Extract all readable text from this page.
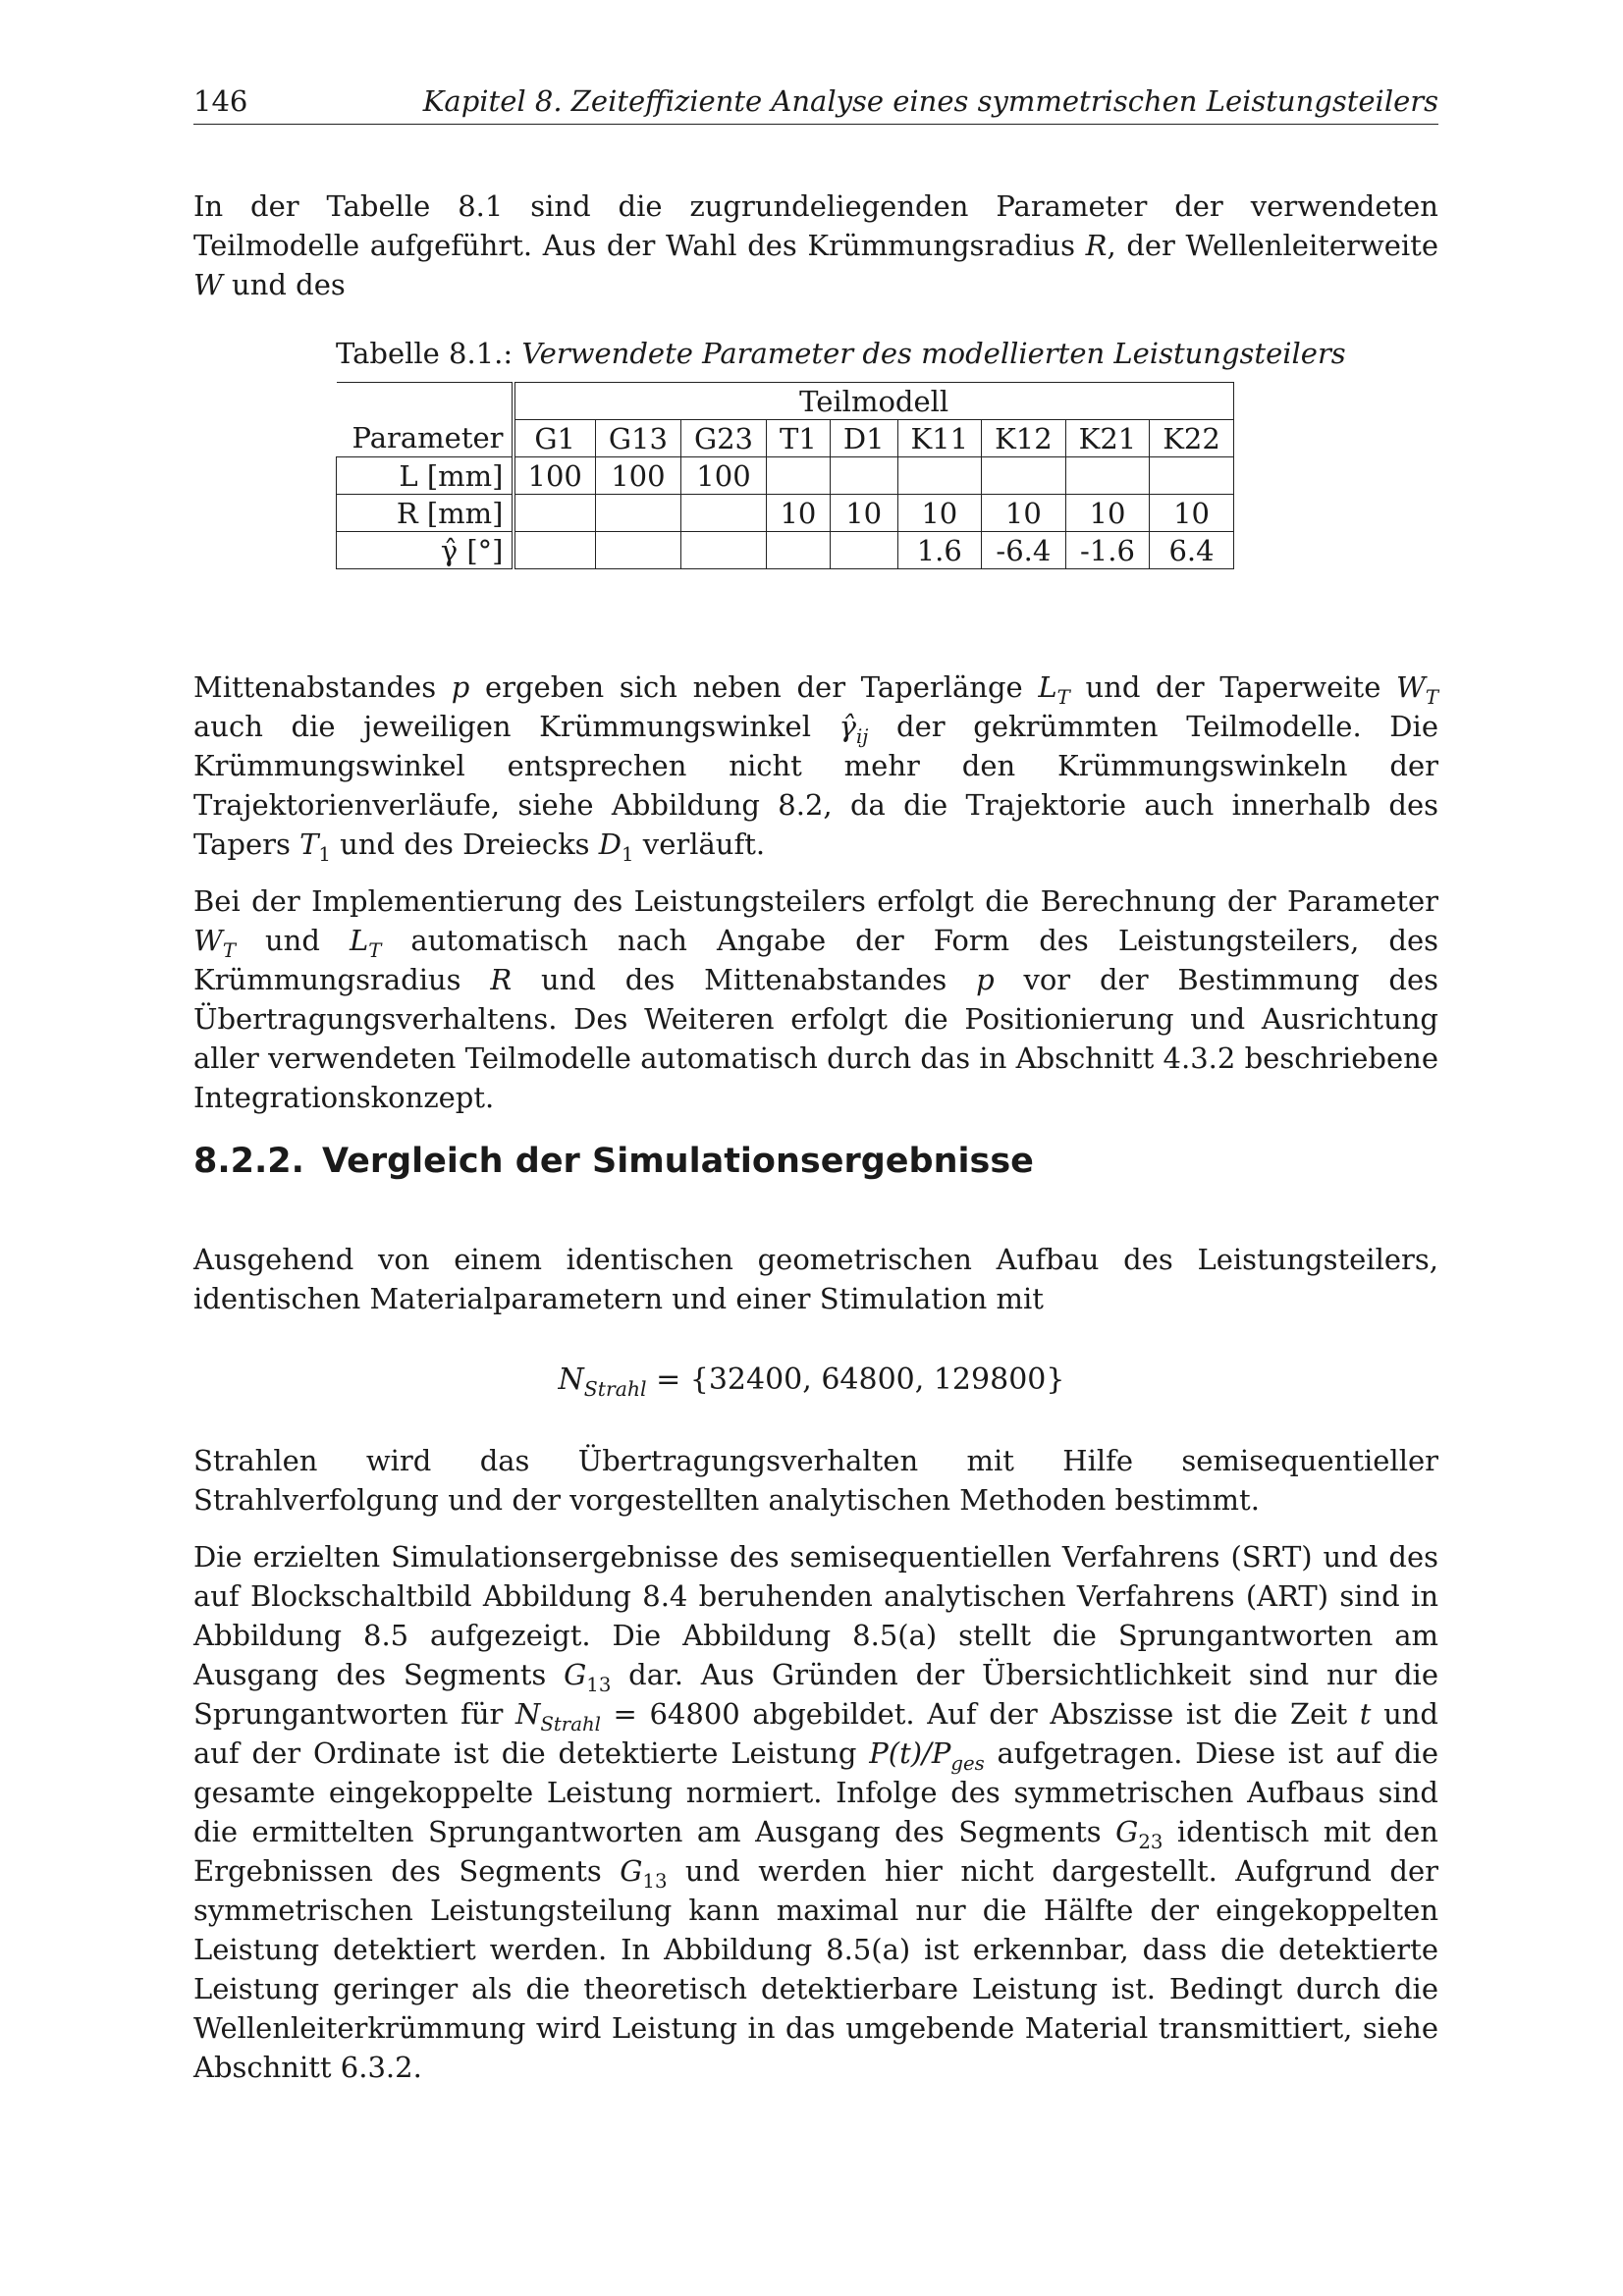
146	Kapitel 8. Zeiteffiziente Analyse eines symmetrischen Leistungsteilers

In der Tabelle 8.1 sind die zugrundeliegenden Parameter der verwendeten Teilmodelle aufgeführt. Aus der Wahl des Krümmungsradius R, der Wellenleiterweite W und des

Tabelle 8.1.: Verwendete Parameter des modellierten Leistungsteilers
	Teilmodell								
Parameter	G1	G13	G23	T1	D1	K11	K12	K21	K22
L [mm]	100	100	100						
R [mm]				10	10	10	10	10	10
γ̂ [°]						1.6	-6.4	-1.6	6.4

Mittenabstandes p ergeben sich neben der Taperlänge $L_T$ und der Taperweite $W_T$ auch die jeweiligen Krümmungswinkel $\gammâ_{ij}$ der gekrümmten Teilmodelle. Die Krümmungswinkel entsprechen nicht mehr den Krümmungswinkeln der Trajektorienverläufe, siehe Abbildung 8.2, da die Trajektorie auch innerhalb des Tapers $T_1$ und des Dreiecks $D_1$ verläuft.

Bei der Implementierung des Leistungsteilers erfolgt die Berechnung der Parameter $W_T$ und $L_T$ automatisch nach Angabe der Form des Leistungsteilers, des Krümmungsradius R und des Mittenabstandes p vor der Bestimmung des Übertragungsverhaltens. Des Weiteren erfolgt die Positionierung und Ausrichtung aller verwendeten Teilmodelle automatisch durch das in Abschnitt 4.3.2 beschriebene Integrationskonzept.

8.2.2. Vergleich der Simulationsergebnisse

Ausgehend von einem identischen geometrischen Aufbau des Leistungsteilers, identischen Materialparametern und einer Stimulation mit

$N_{Strahl} = \{32400$, 64800, 129800}

Strahlen wird das Übertragungsverhalten mit Hilfe semisequentieller Strahlverfolgung und der vorgestellten analytischen Methoden bestimmt.

Die erzielten Simulationsergebnisse des semisequentiellen Verfahrens (SRT) und des auf Blockschaltbild Abbildung 8.4 beruhenden analytischen Verfahrens (ART) sind in Abbildung 8.5 aufgezeigt. Die Abbildung 8.5(a) stellt die Sprungantworten am Ausgang des Segments $G_{13}$ dar. Aus Gründen der Übersichtlichkeit sind nur die Sprungantworten für $N_{Strahl} = 64800$ abgebildet. Auf der Abszisse ist die Zeit t und auf der Ordinate ist die detektierte Leistung $P(t)/P_{ges}$ aufgetragen. Diese ist auf die gesamte eingekoppelte Leistung normiert. Infolge des symmetrischen Aufbaus sind die ermittelten Sprungantworten am Ausgang des Segments $G_{23}$ identisch mit den Ergebnissen des Segments $G_{13}$ und werden hier nicht dargestellt. Aufgrund der symmetrischen Leistungsteilung kann maximal nur die Hälfte der eingekoppelten Leistung detektiert werden. In Abbildung 8.5(a) ist erkennbar, dass die detektierte Leistung geringer als die theoretisch detektierbare Leistung ist. Bedingt durch die Wellenleiterkrümmung wird Leistung in das umgebende Material transmittiert, siehe Abschnitt 6.3.2.
